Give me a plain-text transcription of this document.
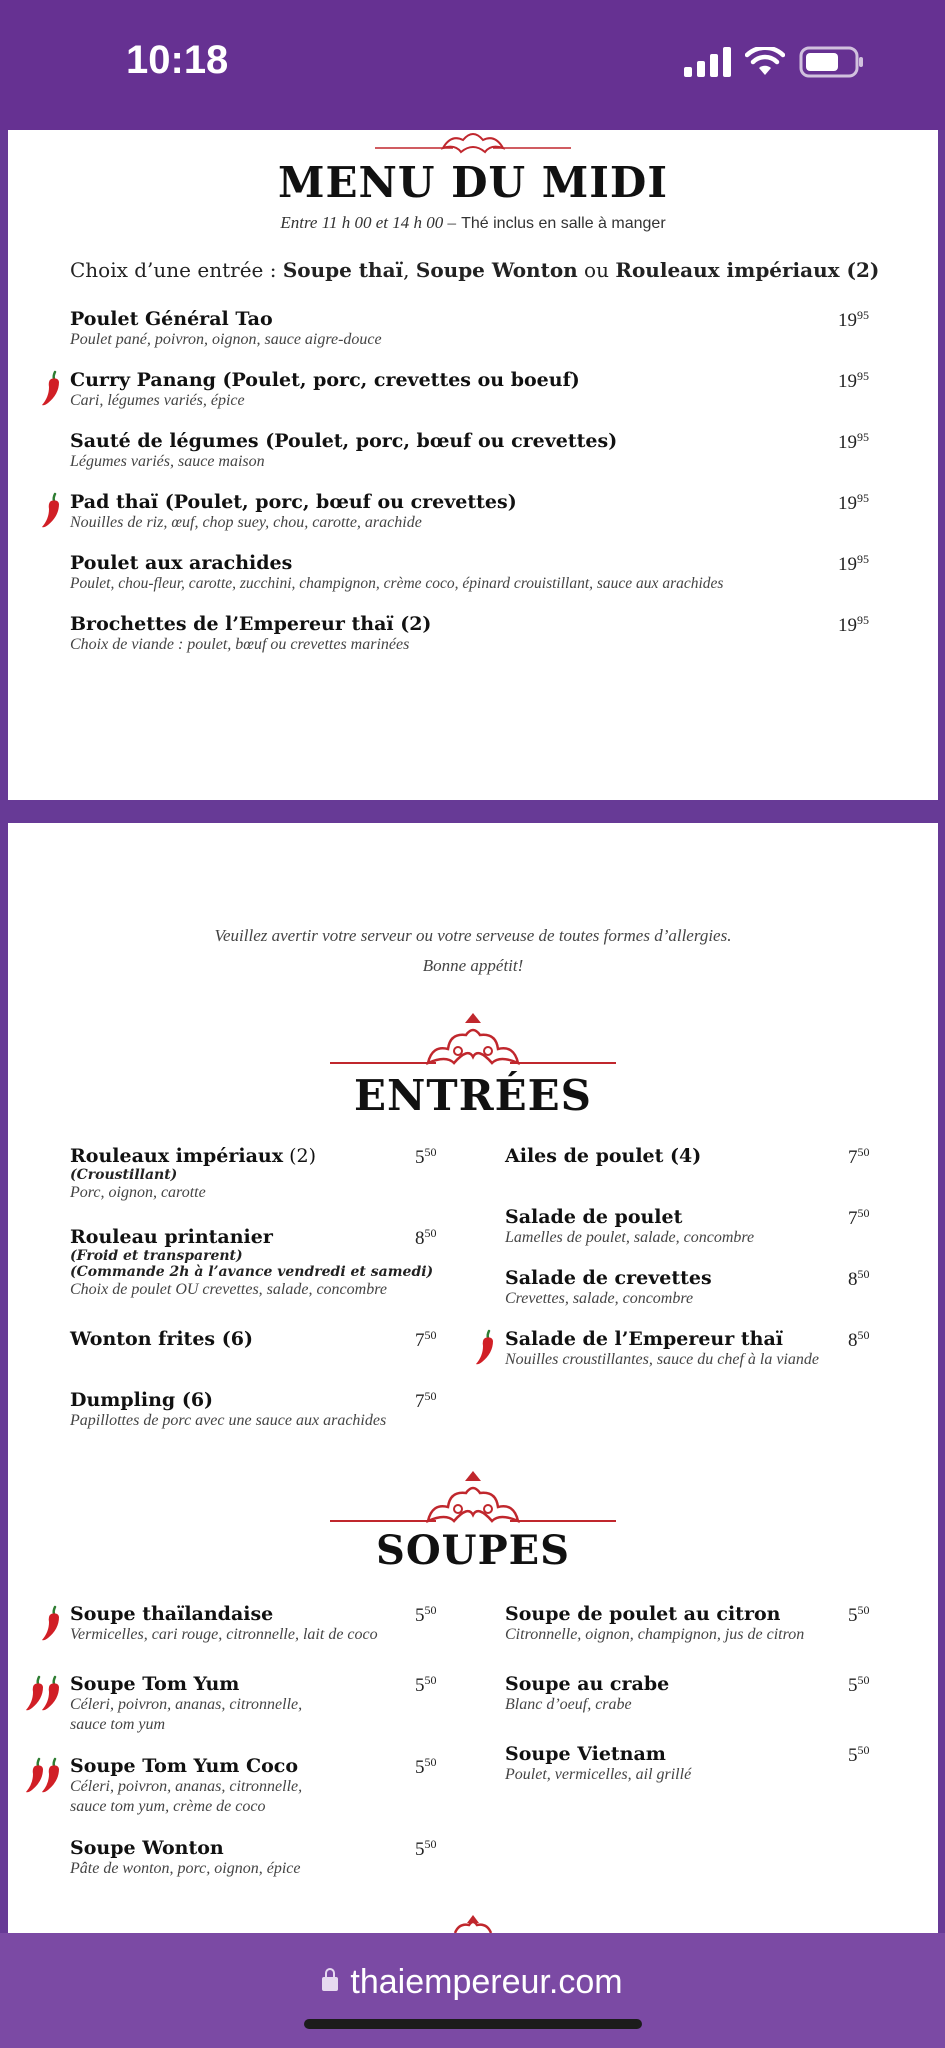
10:18
MENU DU MIDI
Entre 11 h 00 et 14 h 00 – Thé inclus en salle à manger
Choix d’une entrée : Soupe thaï, Soupe Wonton ou Rouleaux impériaux (2)
Poulet Général Tao
Poulet pané, poivron, oignon, sauce aigre-douce
$19^{95}$
Curry Panang (Poulet, porc, crevettes ou boeuf)
Cari, légumes variés, épice
$19^{95}$
Sauté de légumes (Poulet, porc, bœuf ou crevettes)
Légumes variés, sauce maison
$19^{95}$
Pad thaï (Poulet, porc, bœuf ou crevettes)
Nouilles de riz, œuf, chop suey, chou, carotte, arachide
$19^{95}$
Poulet aux arachides
Poulet, chou-fleur, carotte, zucchini, champignon, crème coco, épinard crouistillant, sauce aux arachides
$19^{95}$
Brochettes de l’Empereur thaï (2)
Choix de viande : poulet, bœuf ou crevettes marinées
$19^{95}$
Veuillez avertir votre serveur ou votre serveuse de toutes formes d’allergies.
Bonne appétit!
ENTRÉES
Rouleaux impériaux (2)
(Croustillant)
Porc, oignon, carotte
$5^{50}$
Rouleau printanier
(Froid et transparent)
(Commande 2h à l’avance vendredi et samedi)
Choix de poulet OU crevettes, salade, concombre
$8^{50}$
Wonton frites (6)	$7^{50}$
Dumpling (6)
Papillottes de porc avec une sauce aux arachides
$7^{50}$
Ailes de poulet (4)	$7^{50}$
Salade de poulet
Lamelles de poulet, salade, concombre
$7^{50}$
Salade de crevettes
Crevettes, salade, concombre
$8^{50}$
Salade de l’Empereur thaï
Nouilles croustillantes, sauce du chef à la viande
$8^{50}$
SOUPES
Soupe thaïlandaise
Vermicelles, cari rouge, citronnelle, lait de coco
$5^{50}$
Soupe Tom Yum
Céleri, poivron, ananas, citronnelle,
sauce tom yum
$5^{50}$
Soupe Tom Yum Coco
Céleri, poivron, ananas, citronnelle,
sauce tom yum, crème de coco
$5^{50}$
Soupe Wonton
Pâte de wonton, porc, oignon, épice
$5^{50}$
Soupe de poulet au citron
Citronnelle, oignon, champignon, jus de citron
$5^{50}$
Soupe au crabe
Blanc d’oeuf, crabe
$5^{50}$
Soupe Vietnam
Poulet, vermicelles, ail grillé
$5^{50}$
thaiempereur.com
